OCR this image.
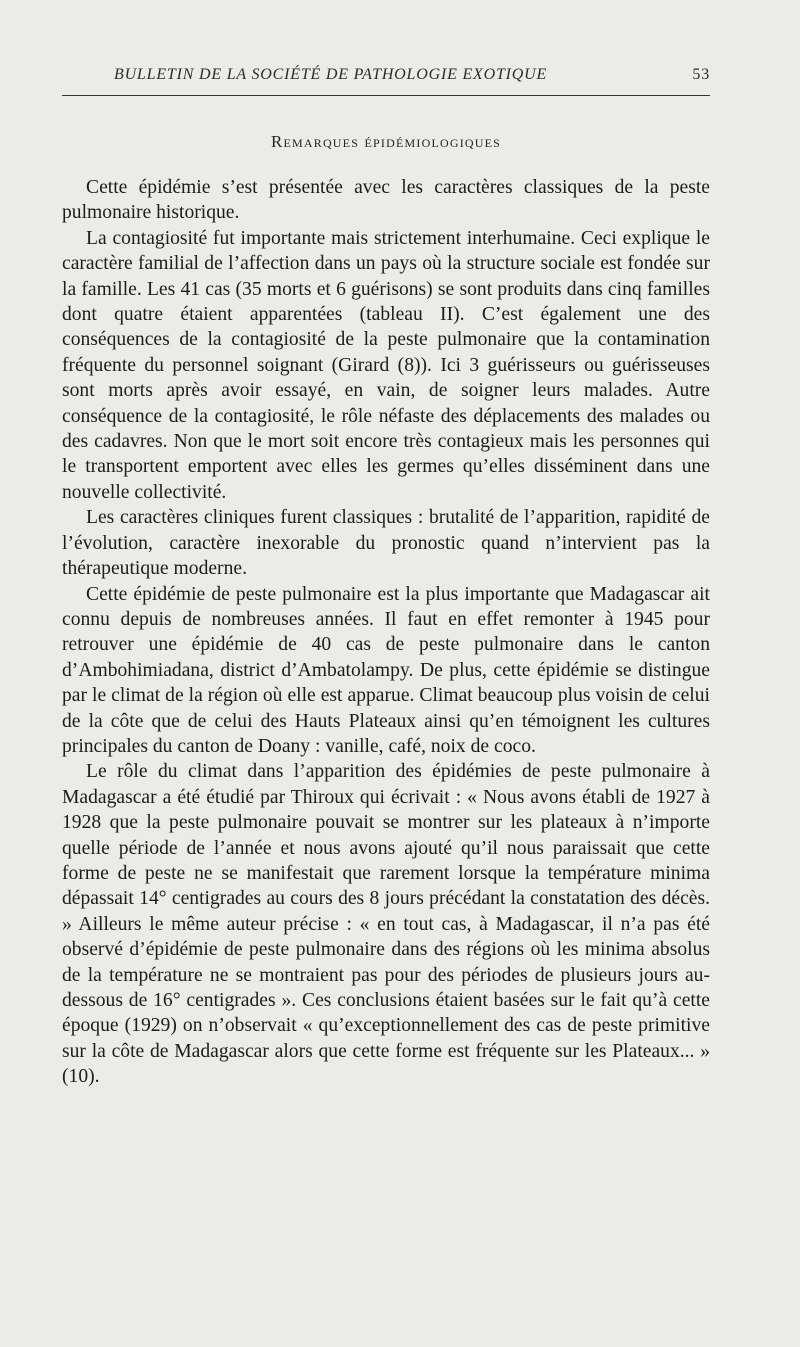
BULLETIN DE LA SOCIÉTÉ DE PATHOLOGIE EXOTIQUE	53
Remarques épidémiologiques

Cette épidémie s’est présentée avec les caractères classiques de la peste pulmonaire historique.

La contagiosité fut importante mais strictement interhumaine. Ceci explique le caractère familial de l’affection dans un pays où la structure sociale est fondée sur la famille. Les 41 cas (35 morts et 6 guérisons) se sont produits dans cinq familles dont quatre étaient apparentées (tableau II). C’est également une des conséquences de la contagiosité de la peste pulmonaire que la contamination fréquente du personnel soignant (Girard (8)). Ici 3 guérisseurs ou guérisseuses sont morts après avoir essayé, en vain, de soigner leurs malades. Autre conséquence de la contagiosité, le rôle néfaste des déplacements des malades ou des cadavres. Non que le mort soit encore très contagieux mais les personnes qui le transportent emportent avec elles les germes qu’elles disséminent dans une nouvelle collectivité.

Les caractères cliniques furent classiques : brutalité de l’apparition, rapidité de l’évolution, caractère inexorable du pronostic quand n’intervient pas la thérapeutique moderne.

Cette épidémie de peste pulmonaire est la plus importante que Madagascar ait connu depuis de nombreuses années. Il faut en effet remonter à 1945 pour retrouver une épidémie de 40 cas de peste pulmonaire dans le canton d’Ambohimiadana, district d’Ambatolampy. De plus, cette épidémie se distingue par le climat de la région où elle est apparue. Climat beaucoup plus voisin de celui de la côte que de celui des Hauts Plateaux ainsi qu’en témoignent les cultures principales du canton de Doany : vanille, café, noix de coco.

Le rôle du climat dans l’apparition des épidémies de peste pulmonaire à Madagascar a été étudié par Thiroux qui écrivait : « Nous avons établi de 1927 à 1928 que la peste pulmonaire pouvait se montrer sur les plateaux à n’importe quelle période de l’année et nous avons ajouté qu’il nous paraissait que cette forme de peste ne se manifestait que rarement lorsque la température minima dépassait 14° centigrades au cours des 8 jours précédant la constatation des décès. » Ailleurs le même auteur précise : « en tout cas, à Madagascar, il n’a pas été observé d’épidémie de peste pulmonaire dans des régions où les minima absolus de la température ne se montraient pas pour des périodes de plusieurs jours au-dessous de 16° centigrades ». Ces conclusions étaient basées sur le fait qu’à cette époque (1929) on n’observait « qu’exceptionnellement des cas de peste primitive sur la côte de Madagascar alors que cette forme est fréquente sur les Plateaux... » (10).
